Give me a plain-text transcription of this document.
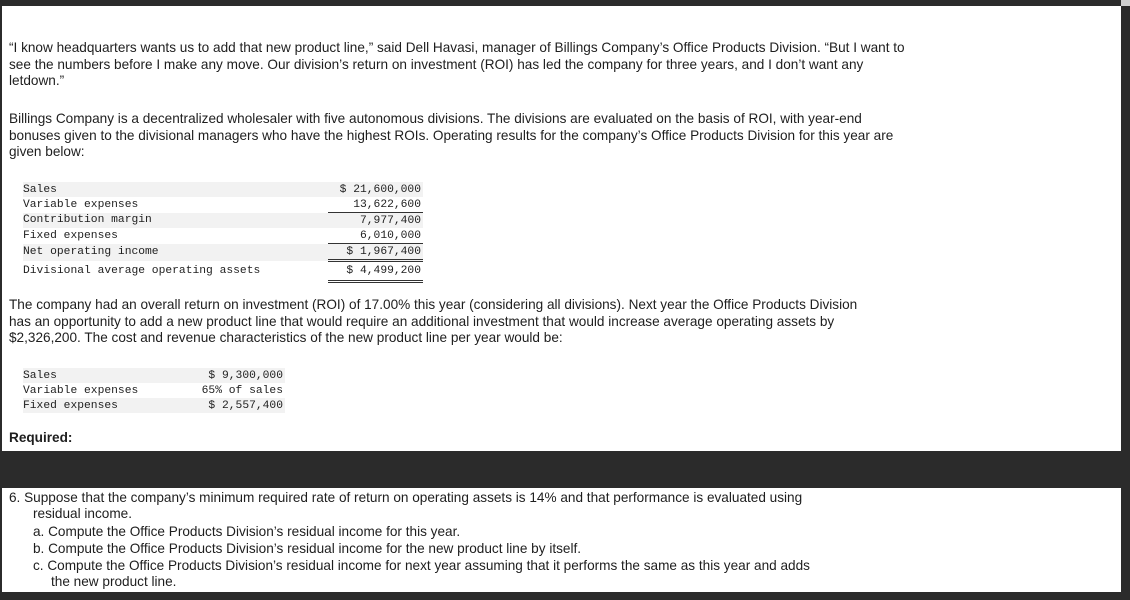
“I know headquarters wants us to add that new product line,” said Dell Havasi, manager of Billings Company’s Office Products Division. “But I want to see the numbers before I make any move. Our division’s return on investment (ROI) has led the company for three years, and I don’t want any letdown.”

Billings Company is a decentralized wholesaler with five autonomous divisions. The divisions are evaluated on the basis of ROI, with year-end bonuses given to the divisional managers who have the highest ROIs. Operating results for the company’s Office Products Division for this year are given below:

Sales	$ 21,600,000
Variable expenses	13,622,600
Contribution margin	7,977,400
Fixed expenses	6,010,000
Net operating income	$ 1,967,400
Divisional average operating assets	$ 4,499,200

The company had an overall return on investment (ROI) of 17.00% this year (considering all divisions). Next year the Office Products Division has an opportunity to add a new product line that would require an additional investment that would increase average operating assets by $2,326,200. The cost and revenue characteristics of the new product line per year would be:

Sales	$ 9,300,000
Variable expenses	65% of sales
Fixed expenses	$ 2,557,400

Required:

6. Suppose that the company’s minimum required rate of return on operating assets is 14% and that performance is evaluated using

residual income.

a. Compute the Office Products Division’s residual income for this year.

b. Compute the Office Products Division’s residual income for the new product line by itself.

c. Compute the Office Products Division’s residual income for next year assuming that it performs the same as this year and adds

the new product line.
